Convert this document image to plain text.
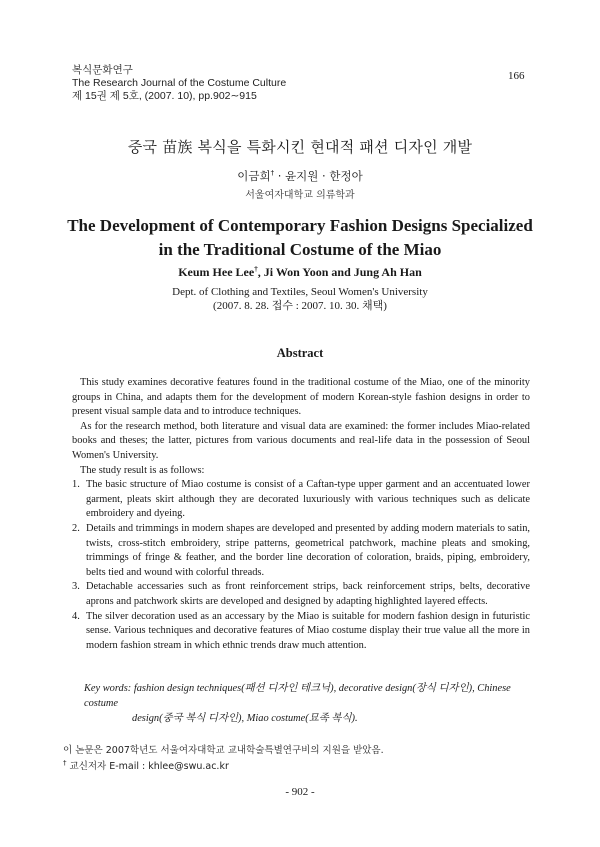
복식문화연구
The Research Journal of the Costume Culture
제 15권 제 5호, (2007. 10), pp.902∼915
166
중국 苗族 복식을 특화시킨 현대적 패션 디자인 개발
이금희† · 윤지원 · 한정아
서울여자대학교 의류학과
The Development of Contemporary Fashion Designs Specialized
in the Traditional Costume of the Miao
Keum Hee Lee†, Ji Won Yoon and Jung Ah Han
Dept. of Clothing and Textiles, Seoul Women's University
(2007. 8. 28. 접수 : 2007. 10. 30. 채택)
Abstract

This study examines decorative features found in the traditional costume of the Miao, one of the minority groups in China, and adapts them for the development of modern Korean-style fashion designs in order to present visual sample data and to introduce techniques.

As for the research method, both literature and visual data are examined: the former includes Miao-related books and theses; the latter, pictures from various documents and real-life data in the possession of Seoul Women's University.

The study result is as follows:

1. The basic structure of Miao costume is consist of a Caftan-type upper garment and an accentuated lower garment, pleats skirt although they are decorated luxuriously with various techniques such as delicate embroidery and dyeing.
2. Details and trimmings in modern shapes are developed and presented by adding modern materials to satin, twists, cross-stitch embroidery, stripe patterns, geometrical patchwork, machine pleats and smoking, trimmings of fringe & feather, and the border line decoration of coloration, braids, piping, embroidery, belts tied and wound with colorful threads.
3. Detachable accessaries such as front reinforcement strips, back reinforcement strips, belts, decorative aprons and patchwork skirts are developed and designed by adapting highlighted layered effects.
4. The silver decoration used as an accessary by the Miao is suitable for modern fashion design in futuristic sense. Various techniques and decorative features of Miao costume display their true value all the more in modern fashion stream in which ethnic trends draw much attention.
Key words: fashion design techniques(패션 디자인 테크닉), decorative design(장식 디자인), Chinese costume
design(중국 복식 디자인), Miao costume(묘족 복식).
이 논문은 2007학년도 서울여자대학교 교내학술특별연구비의 지원을 받았음.
† 교신저자 E-mail : khlee@swu.ac.kr
- 902 -
